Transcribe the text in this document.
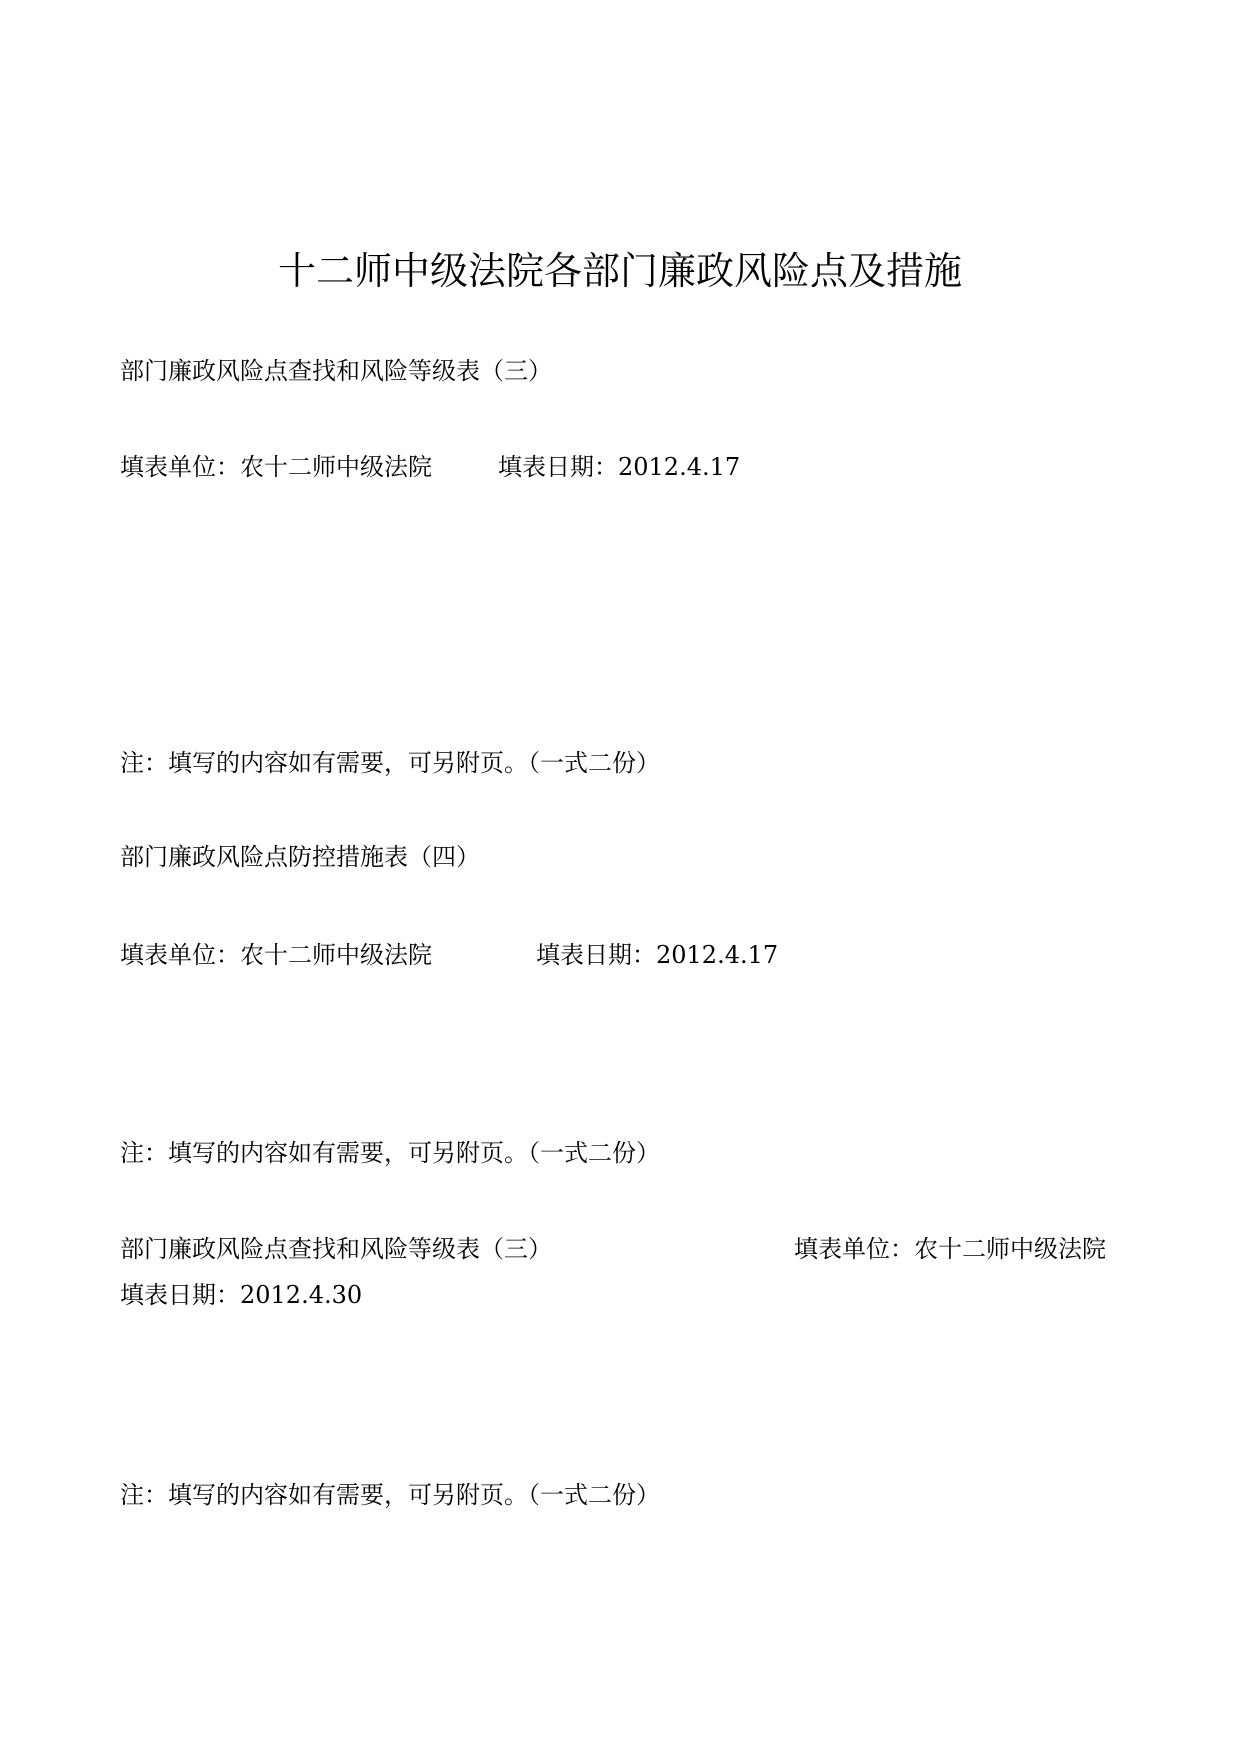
十二师中级法院各部门廉政风险点及措施
部门廉政风险点查找和风险等级表（三）
填表单位：农十二师中级法院	填表日期：2012.4.17
注：填写的内容如有需要，可另附页。（一式二份）
部门廉政风险点防控措施表（四）
填表单位：农十二师中级法院	填表日期：2012.4.17
注：填写的内容如有需要，可另附页。（一式二份）
部门廉政风险点查找和风险等级表（三）	填表单位：农十二师中级法院
填表日期：2012.4.30
注：填写的内容如有需要，可另附页。（一式二份）
